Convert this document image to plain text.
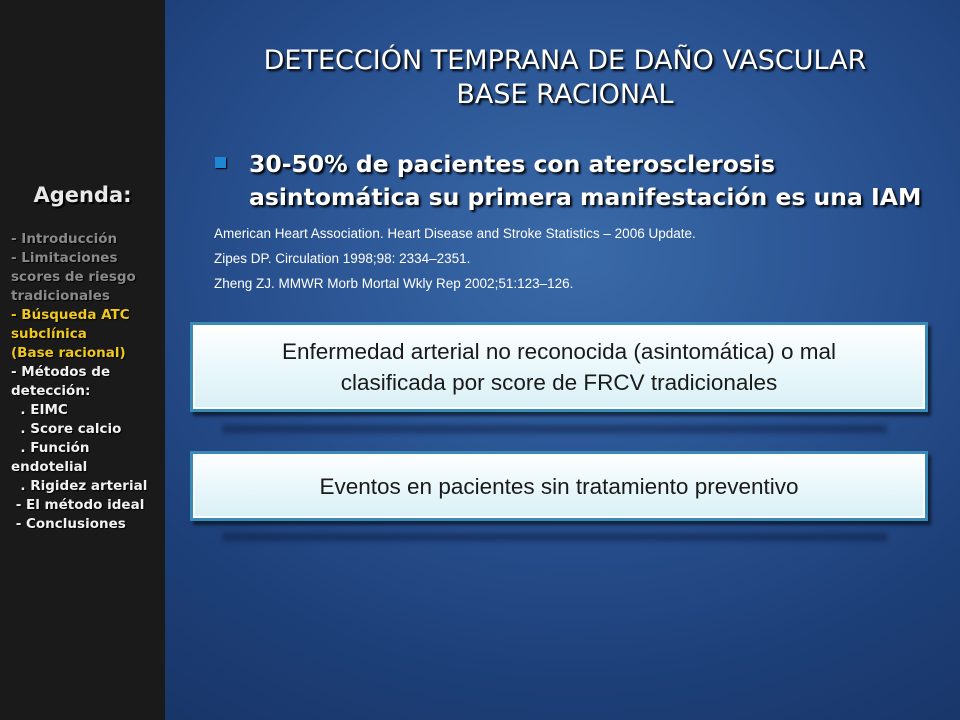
Agenda:
- Introducción
- Limitaciones
scores de riesgo
tradicionales
- Búsqueda ATC
subclínica
(Base racional)
- Métodos de
detección:
. EIMC
. Score calcio
. Función
endotelial
. Rigidez arterial
- El método ideal
- Conclusiones
DETECCIÓN TEMPRANA DE DAÑO VASCULAR
BASE RACIONAL
30-50% de pacientes con aterosclerosis
asintomática su primera manifestación es una IAM
American Heart Association. Heart Disease and Stroke Statistics – 2006 Update.
Zipes DP. Circulation 1998;98: 2334–2351.
Zheng ZJ. MMWR Morb Mortal Wkly Rep 2002;51:123–126.
Enfermedad arterial no reconocida (asintomática) o mal
clasificada por score de FRCV tradicionales
Eventos en pacientes sin tratamiento preventivo
